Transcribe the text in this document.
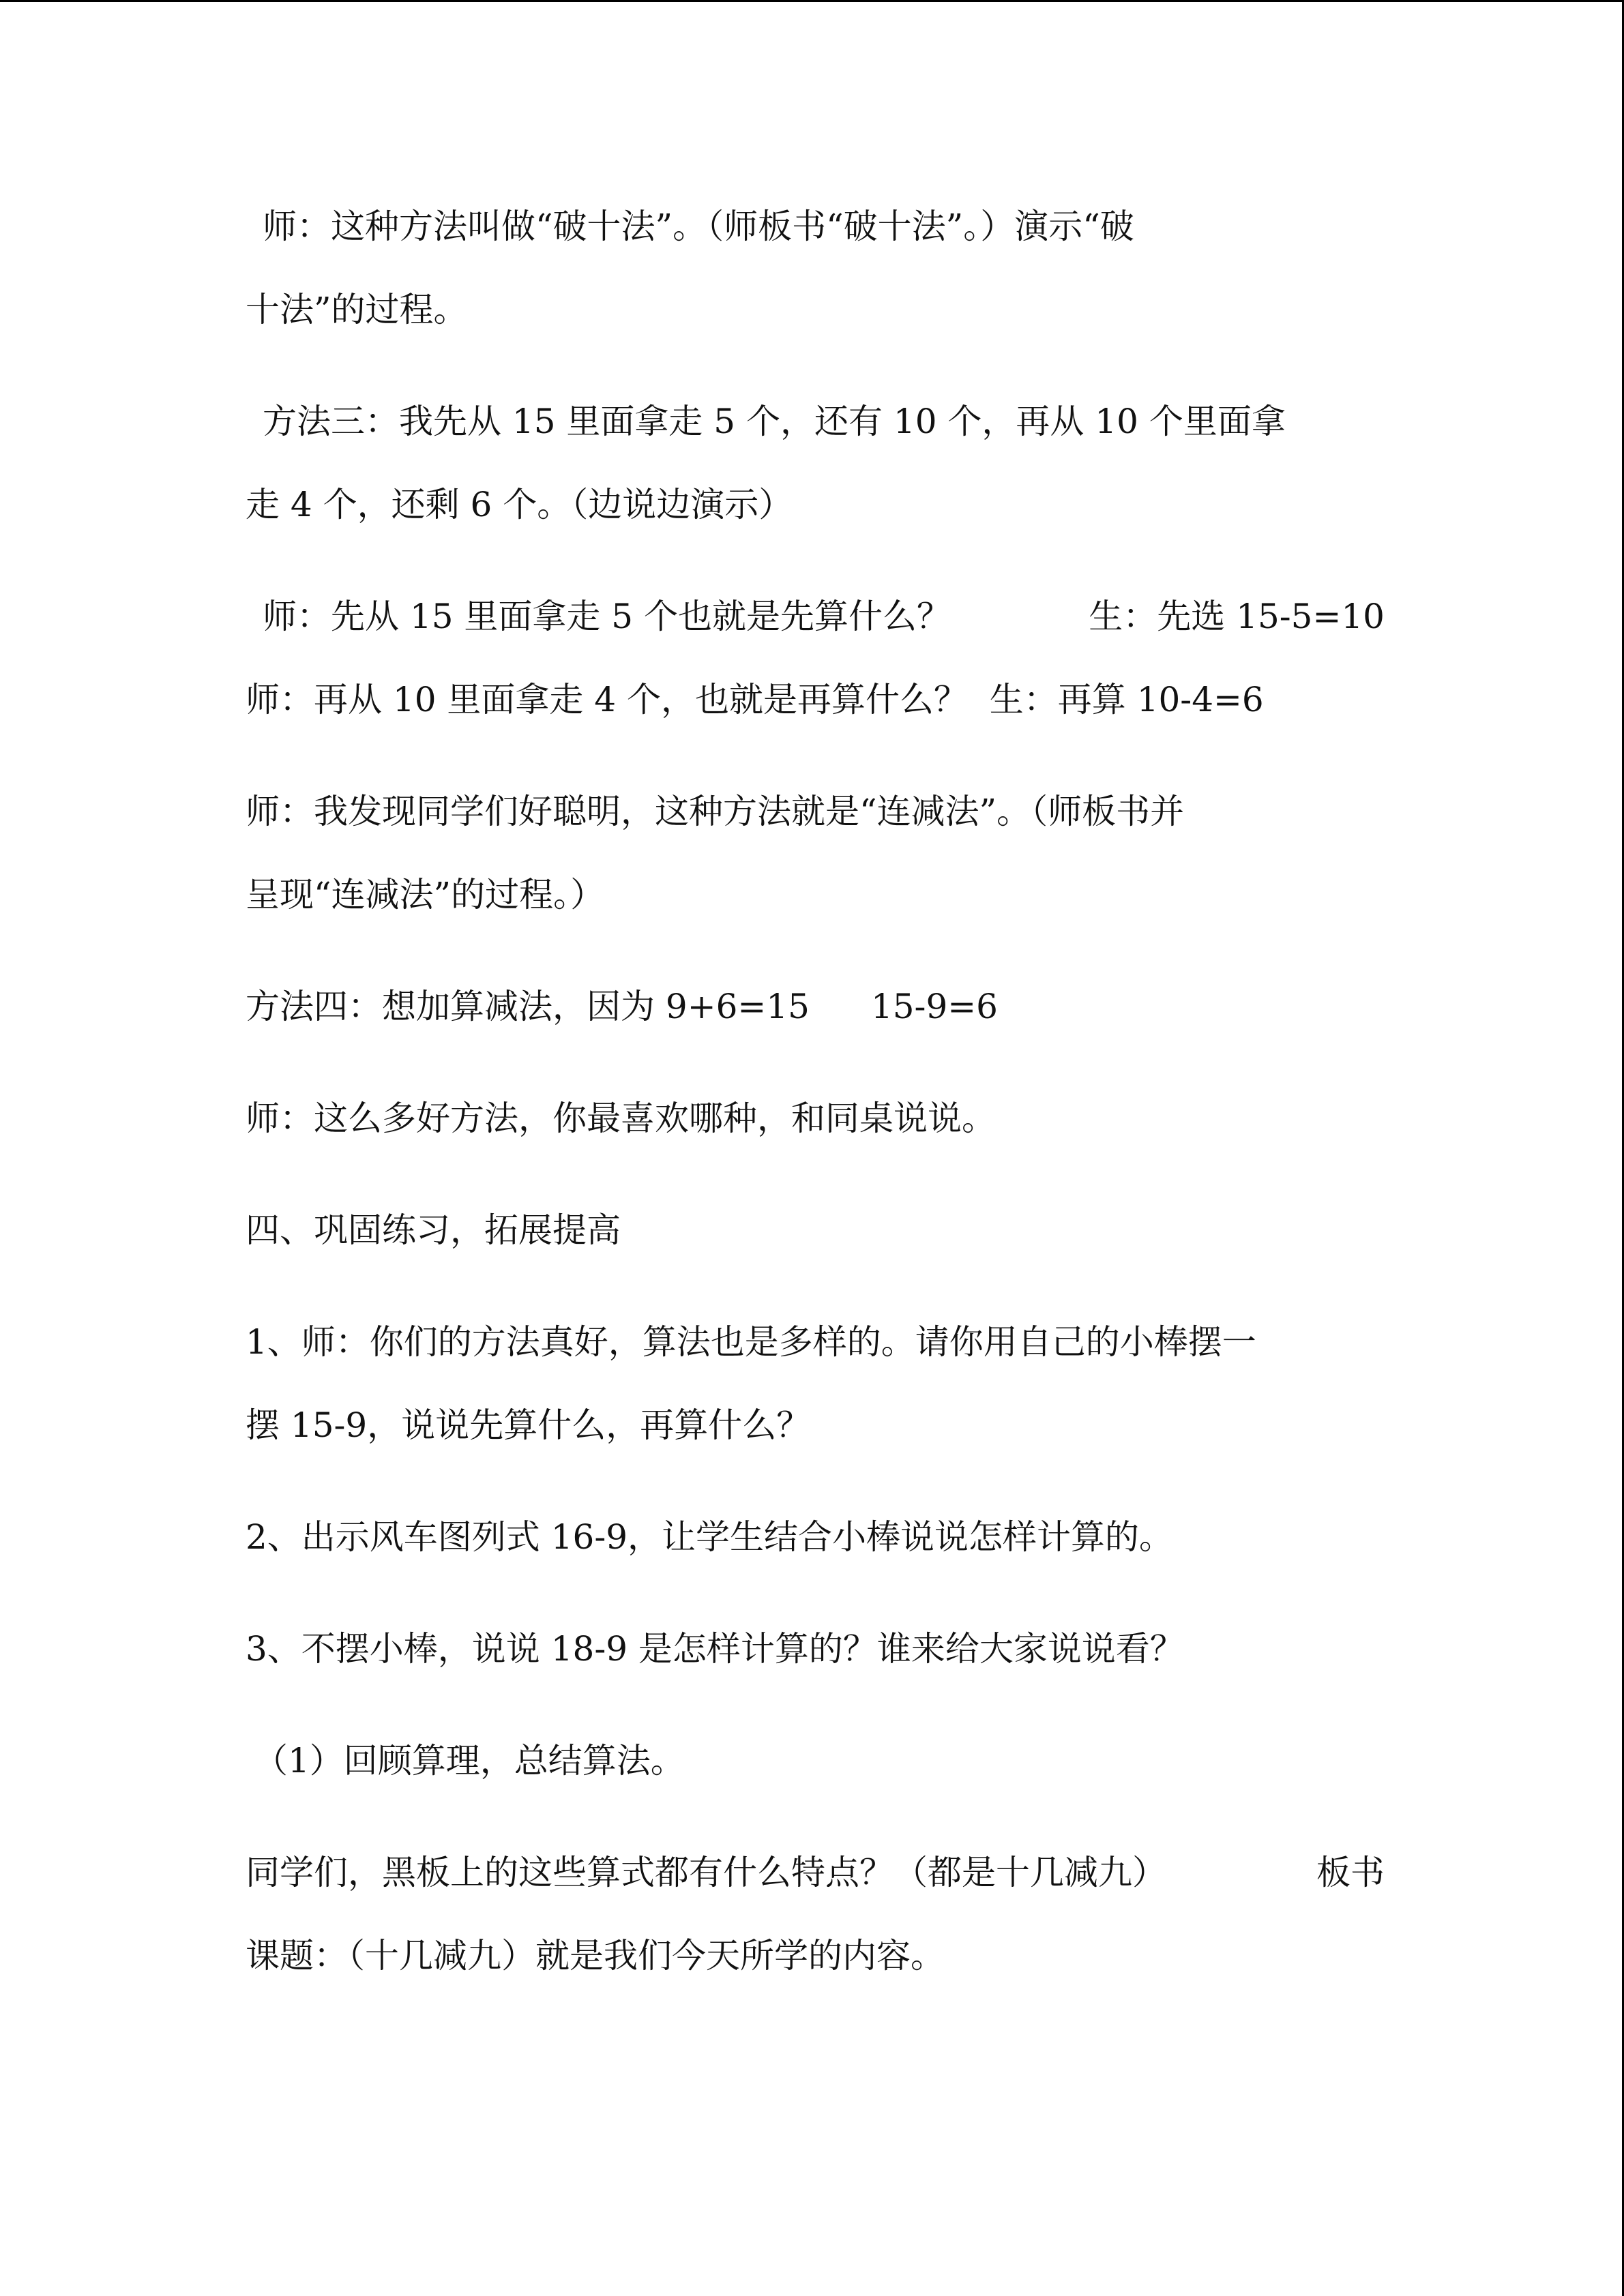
师：这种方法叫做“破十法”。（师板书“破十法”。）演示“破

十法”的过程。

方法三：我先从 15 里面拿走 5 个，还有 10 个，再从 10 个里面拿

走 4 个，还剩 6 个。（边说边演示）

师：先从 15 里面拿走 5 个也就是先算什么？	生：先选 15-5=10

师：再从 10 里面拿走 4 个，也就是再算什么？  生：再算 10-4=6

师：我发现同学们好聪明，这种方法就是“连减法”。（师板书并

呈现“连减法”的过程。）

方法四：想加算减法，因为 9+6=15 15-9=6

师：这么多好方法，你最喜欢哪种，和同桌说说。

四、巩固练习，拓展提高

1、师：你们的方法真好，算法也是多样的。请你用自己的小棒摆一

摆 15-9，说说先算什么，再算什么？

2、出示风车图列式 16-9，让学生结合小棒说说怎样计算的。

3、不摆小棒，说说 18-9 是怎样计算的？谁来给大家说说看？

（1）回顾算理，总结算法。

同学们，黑板上的这些算式都有什么特点？（都是十几减九）	板书

课题：（十几减九）就是我们今天所学的内容。
